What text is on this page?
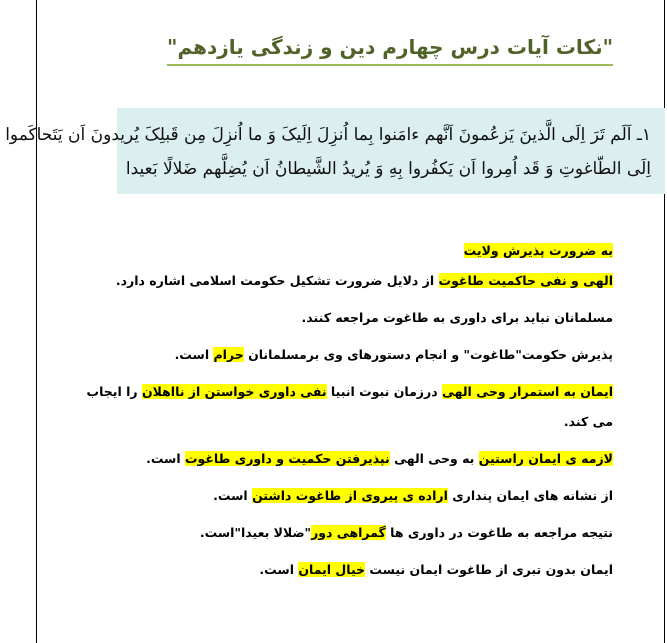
"نکات آیات درس چهارم دین و زندگی یازدهم"
۱ـ اَلَم تَرَ اِلَی الَّذینَ یَزعُمونَ اَنَّهم ءامَنوا بِما اُنزِلَ اِلَیکَ وَ ما اُنزِلَ مِن قَبلِکَ یُریدونَ اَن یَتَحاکَموا
اِلَی الطّاغوتِ وَ قَد اُمِروا اَن یَکفُروا بِهِ وَ یُریدُ الشَّیطانُ اَن یُضِلَّهم ضَلالًا بَعیدا
به ضرورت پذیرش ولایت
الهی و نفی حاکمیت طاغوت از دلایل ضرورت تشکیل حکومت اسلامی اشاره دارد.
مسلمانان نباید برای داوری به طاغوت مراجعه کنند.
پذیرش حکومت"طاغوت" و انجام دستورهای وی برمسلمانان حرام است.
ایمان به استمرار وحی الهی درزمان نبوت انبیا نفی داوری خواستن از نااهلان را ایجاب
می کند.
لازمه ی ایمان راستین به وحی الهی نپذیرفتن حکمیت و داوری طاغوت است.
از نشانه های ایمان پنداری اراده ی پیروی از طاغوت داشتن است.
نتیجه مراجعه به طاغوت در داوری ها گمراهی دور"ضلالا بعیدا"است.
ایمان بدون تبری از طاغوت ایمان نیست خیال ایمان است.
